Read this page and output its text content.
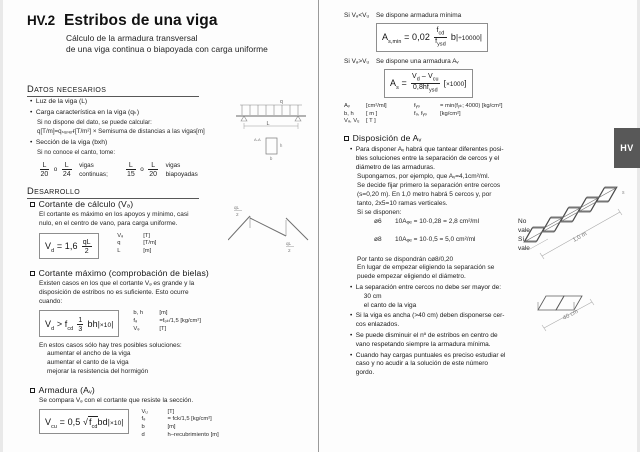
HV.2 Estribos de una viga
Cálculo de la armadura transversal
de una viga continua o biapoyada con carga uniforme
Datos necesarios
• Luz de la viga (L)
• Carga característica en la viga (qₖ)
Si no dispone del dato, se puede calcular:
q[T/m]=qₛᵤₚₑᵣғ[T/m²] × Semisuma de distancias a las vigas[m]
• Sección de la viga (bxh)
Si no conoce el canto, tome:
$\frac{L}{20}$ o $\frac{L}{24}$ vigas continuas;	$\frac{L}{15}$ o $\frac{L}{20}$ vigas biapoyadas
q
L
A-A
h
b
Desarrollo
Cortante de cálculo (Vₔ)
El cortante es máximo en los apoyos y mínimo, casi
nulo, en el centro de vano, para carga uniforme.
$V_d = 1,6 \frac{qL}{2}$
Vₔ	[T]
q	[T/m]
L	[m]
qL
2
qL
2
Cortante máximo (comprobación de bielas)
Existen casos en los que el cortante Vₔ es grande y la
disposición de estribos no es suficiente. Esto ocurre
cuando:
$V_d > f_{cd} \frac{1}{3} bh|\times 10|$
b, h	[m]
fₔ	=fₔₖ/1,5 [kg/cm²]
Vₔ	[T]
En estos casos sólo hay tres posibles soluciones:
aumentar el ancho de la viga
aumentar el canto de la viga
mejorar la resistencia del hormigón
Armadura (Aᵥ)
Se compara Vₔ con el cortante que resiste la sección.
$V_{cu} = 0,5$ $√f_{cd}bd|\times 10|$
Vᵤ	[T]
fₔ	= fck/1,5 [kg/cm²]
b	[m]
d	h–recubrimiento [m]
Si Vₔ<Vᵤ Se dispone armadura mínima
$A_{s,min} = 0,02 \frac{f_{cd}}{f_{ysd}} b|\div 10000|$
Si Vₔ>Vᵤ Se dispone una armadura Aᵥ
$A_s = \frac{V_d - V_{cu}}{0,8hf_{ysd}} [\times 1000]$
Aᵥ	[cm²/ml]	fᵧₔ	= min(fᵧₖ; 4000) [kg/cm²]
b, h	[ m ]	fₔ, fᵧₔ	[kg/cm²]
Vₔ, Vᵤ	[ T ]
Disposición de Aᵥ
• Para disponer Aᵥ habrá que tantear diferentes posi-
bles soluciones entre la separación de cercos y el
diámetro de las armaduras.
Supongamos, por ejemplo, que Aᵥ=4,1cm²/ml.
Se decide fijar primero la separación entre cercos
(s=0,20 m). En 1,0 metro habrá 5 cercos y, por
tanto, 2x5=10 ramas verticales.
Si se disponen:
ø6	10Aᵩₑ = 10·0,28 = 2,8 cm²/ml	No vale
ø8	10Aᵩₑ = 10·0,5 = 5,0 cm²/ml	Sí vale
Por tanto se dispondrán cø8/0,20
En lugar de empezar eligiendo la separación se
puede empezar eligiendo el diámetro.
• La separación entre cercos no debe ser mayor de:
30 cm
el canto de la viga
• Si la viga es ancha (>40 cm) deben disponerse cer-
cos enlazados.
• Se puede disminuir el nº de estribos en centro de
vano respetando siempre la armadura mínima.
• Cuando hay cargas puntuales es preciso estudiar el
caso y no acudir a la solución de este número
gordo.
1,0 m
s
40 cm
HV
